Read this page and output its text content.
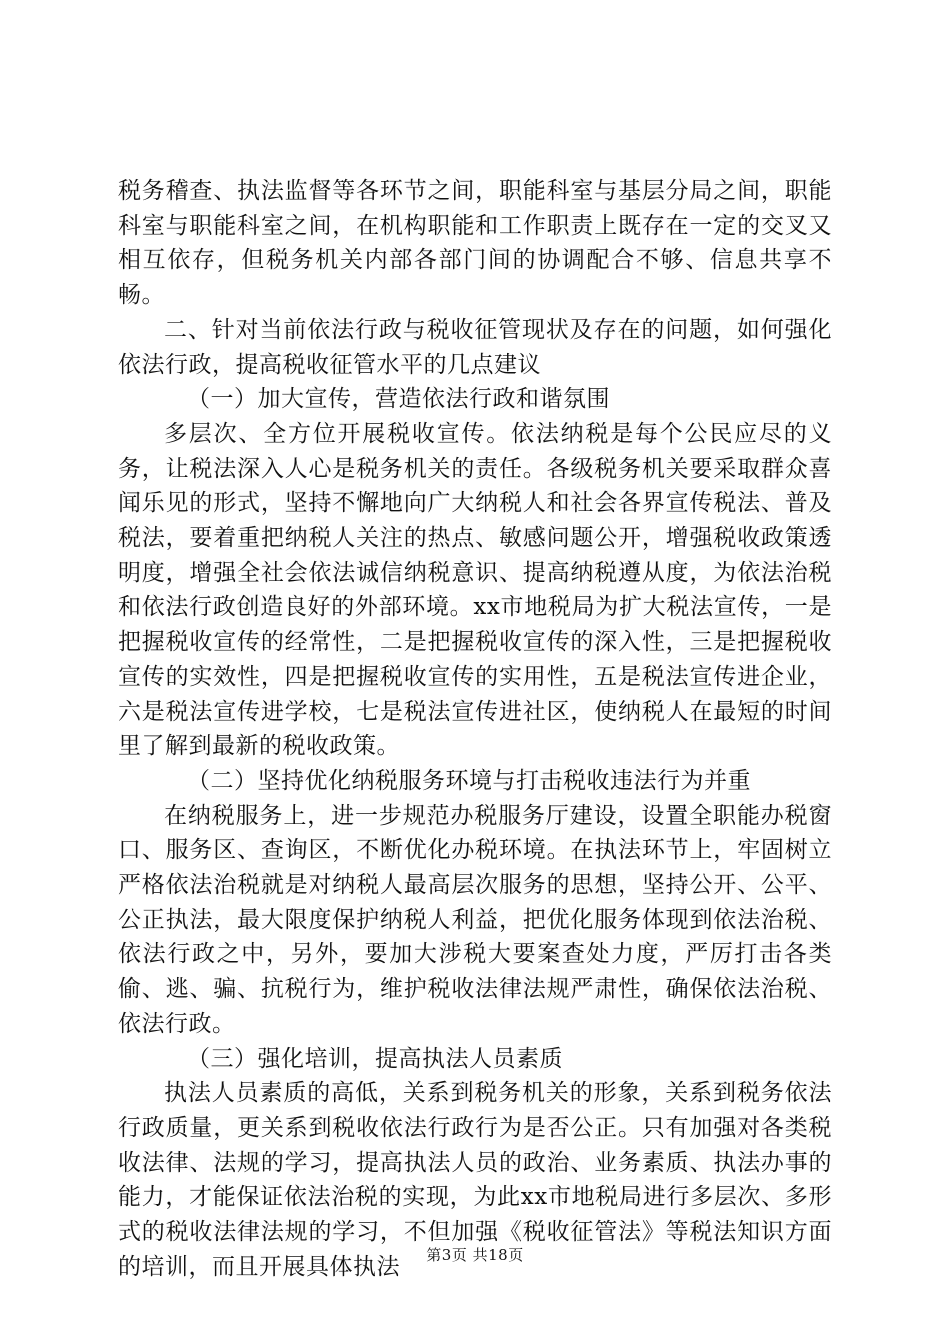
税务稽查、执法监督等各环节之间，职能科室与基层分局之间，职能科室与职能科室之间，在机构职能和工作职责上既存在一定的交叉又相互依存，但税务机关内部各部门间的协调配合不够、信息共享不畅。

二、针对当前依法行政与税收征管现状及存在的问题，如何强化依法行政，提高税收征管水平的几点建议

（一）加大宣传，营造依法行政和谐氛围

多层次、全方位开展税收宣传。依法纳税是每个公民应尽的义务，让税法深入人心是税务机关的责任。各级税务机关要采取群众喜闻乐见的形式，坚持不懈地向广大纳税人和社会各界宣传税法、普及税法，要着重把纳税人关注的热点、敏感问题公开，增强税收政策透明度，增强全社会依法诚信纳税意识、提高纳税遵从度，为依法治税和依法行政创造良好的外部环境。xx市地税局为扩大税法宣传，一是把握税收宣传的经常性，二是把握税收宣传的深入性，三是把握税收宣传的实效性，四是把握税收宣传的实用性，五是税法宣传进企业，六是税法宣传进学校，七是税法宣传进社区，使纳税人在最短的时间里了解到最新的税收政策。

（二）坚持优化纳税服务环境与打击税收违法行为并重

在纳税服务上，进一步规范办税服务厅建设，设置全职能办税窗口、服务区、查询区，不断优化办税环境。在执法环节上，牢固树立严格依法治税就是对纳税人最高层次服务的思想，坚持公开、公平、公正执法，最大限度保护纳税人利益，把优化服务体现到依法治税、依法行政之中，另外，要加大涉税大要案查处力度，严厉打击各类偷、逃、骗、抗税行为，维护税收法律法规严肃性，确保依法治税、依法行政。

（三）强化培训，提高执法人员素质

执法人员素质的高低，关系到税务机关的形象，关系到税务依法行政质量，更关系到税收依法行政行为是否公正。只有加强对各类税收法律、法规的学习，提高执法人员的政治、业务素质、执法办事的能力，才能保证依法治税的实现，为此xx市地税局进行多层次、多形式的税收法律法规的学习，不但加强《税收征管法》等税法知识方面的培训，而且开展具体执法	第3页 共18页
